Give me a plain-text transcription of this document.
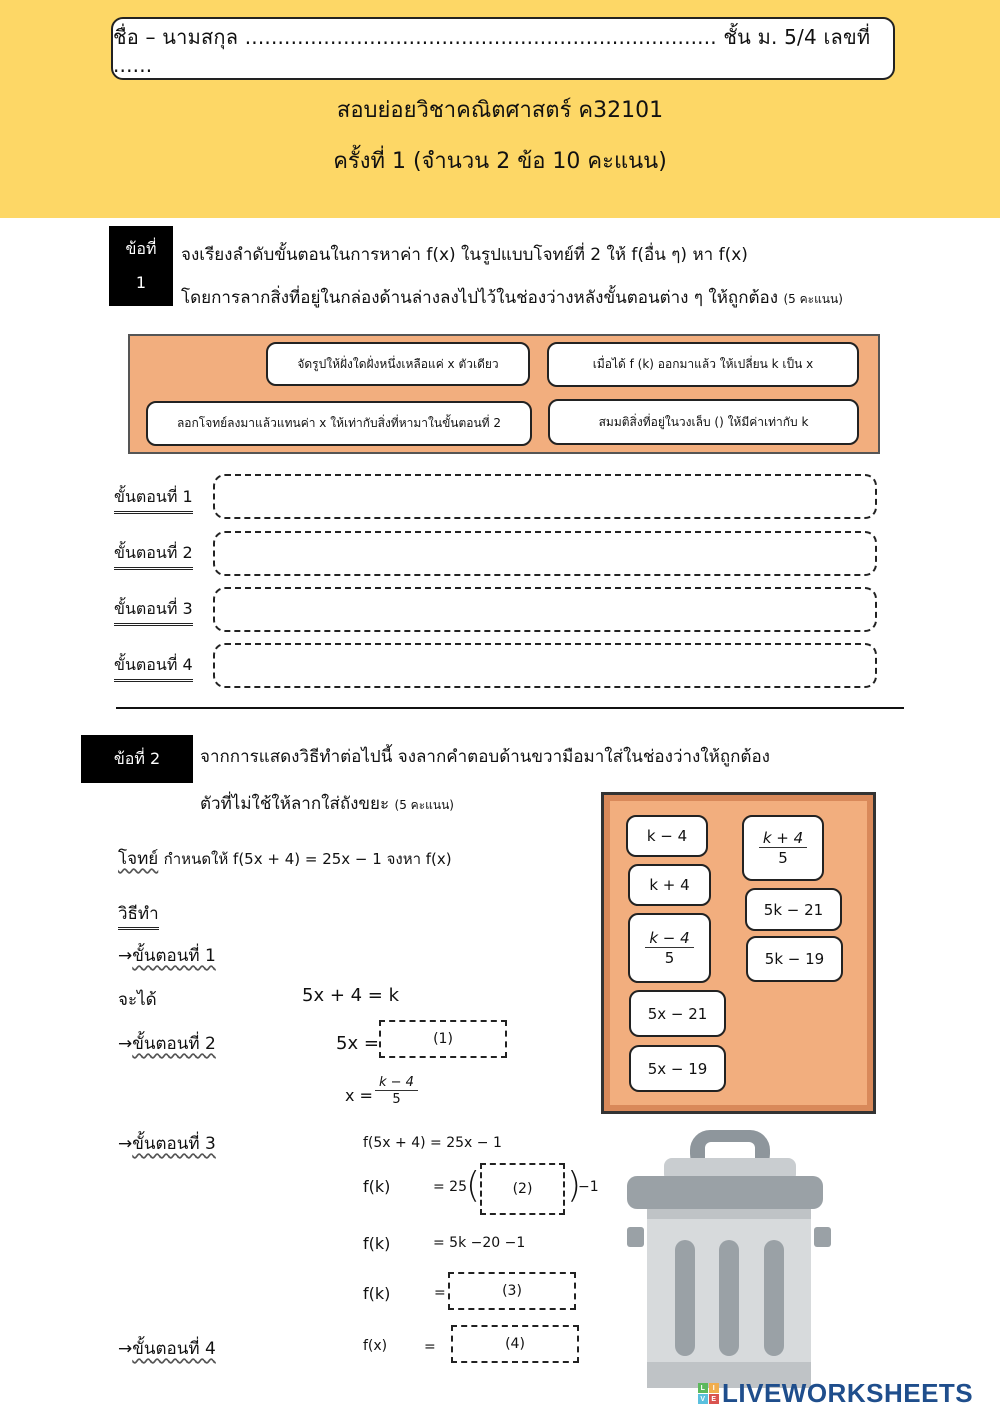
ชื่อ – นามสกุล ........................................................................ ชั้น ม. 5/4 เลขที่ ......
สอบย่อยวิชาคณิตศาสตร์ ค32101
ครั้งที่ 1 (จำนวน 2 ข้อ 10 คะแนน)
ข้อที่
1
จงเรียงลำดับขั้นตอนในการหาค่า f(x) ในรูปแบบโจทย์ที่ 2 ให้ f(อื่น ๆ) หา f(x)
โดยการลากสิ่งที่อยู่ในกล่องด้านล่างลงไปไว้ในช่องว่างหลังขั้นตอนต่าง ๆ ให้ถูกต้อง (5 คะแนน)
จัดรูปให้ฝั่งใดฝั่งหนึ่งเหลือแค่ x ตัวเดียว	เมื่อได้ f (k) ออกมาแล้ว ให้เปลี่ยน k เป็น x
ลอกโจทย์ลงมาแล้วแทนค่า x ให้เท่ากับสิ่งที่หามาในขั้นตอนที่ 2	สมมติสิ่งที่อยู่ในวงเล็บ () ให้มีค่าเท่ากับ k
ขั้นตอนที่ 1
ขั้นตอนที่ 2
ขั้นตอนที่ 3
ขั้นตอนที่ 4
ข้อที่ 2	จากการแสดงวิธีทำต่อไปนี้ จงลากคำตอบด้านขวามือมาใส่ในช่องว่างให้ถูกต้อง
ตัวที่ไม่ใช้ให้ลากใส่ถังขยะ (5 คะแนน)
โจทย์ กำหนดให้ f(5x + 4) = 25x − 1 จงหา f(x)
วิธีทำ
→ขั้นตอนที่ 1
จะได้	5x + 4 = k
→ขั้นตอนที่ 2	5x =	(1)
$x = \frac{k - 4}{5}$
→ขั้นตอนที่ 3	f(5x + 4) = 25x − 1
f(k)	= 25 ( (2) )
−1
f(k)	= 5k −20 −1
f(k)	=	(3)
→ขั้นตอนที่ 4	f(x)	=	(4)
k − 4
k + 4
$\frac{k - 4}{5}$
5x − 21
5x − 19
$\frac{k + 4}{5}$
5k − 21
5k − 19
L	I
V E LIVEWORKSHEETS
